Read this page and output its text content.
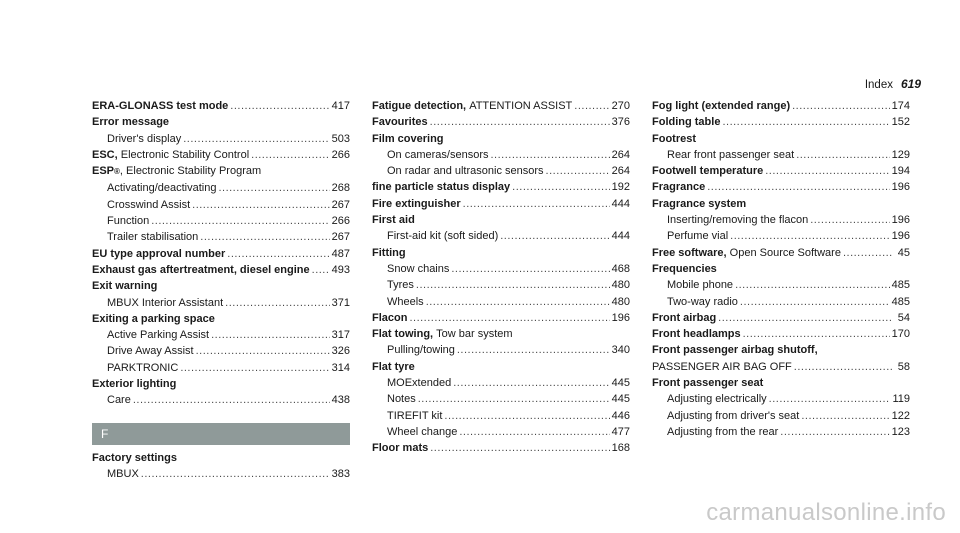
Index 619
ERA-GLONASS test mode .....	417
Error message
Driver's display .....	503
ESC,
Electronic Stability Control .....	266
ESP ® , Electronic Stability Program
Activating/deactivating .....	268
Crosswind Assist .....	267
Function .....	266
Trailer stabilisation .....	267
EU type approval number .....	487
Exhaust gas aftertreatment, diesel engine ..... 493
Exit warning
MBUX Interior Assistant .....	371
Exiting a parking space
Active Parking Assist .....	317
Drive Away Assist .....	326
PARKTRONIC .....	314
Exterior lighting
Care .....	438
F
Factory settings
MBUX .....	383
Fatigue detection,
ATTENTION ASSIST .....	270
Favourites .....	376
Film covering
On cameras/sensors .....	264
On radar and ultrasonic sensors .....	264
fine particle status display .....	192
Fire extinguisher .....	444
First aid
First-aid kit (soft sided) .....	444
Fitting
Snow chains .....	468
Tyres .....	480
Wheels .....	480
Flacon .....	196
Flat towing,
Tow bar system
Pulling/towing .....	340
Flat tyre
MOExtended .....	445
Notes .....	445
TIREFIT kit .....	446
Wheel change .....	477
Floor mats .....	168
Fog light (extended range) .....	174
Folding table .....	152
Footrest
Rear front passenger seat .....	129
Footwell temperature .....	194
Fragrance .....	196
Fragrance system
Inserting/removing the flacon .....	196
Perfume vial .....	196
Free software,
Open Source Software .....	45
Frequencies
Mobile phone .....	485
Two-way radio .....	485
Front airbag .....	54
Front headlamps .....	170
Front passenger airbag shutoff,
PASSENGER AIR BAG OFF .....	58
Front passenger seat
Adjusting electrically .....	119
Adjusting from driver's seat .....	122
Adjusting from the rear .....	123
carmanualsonline.info
